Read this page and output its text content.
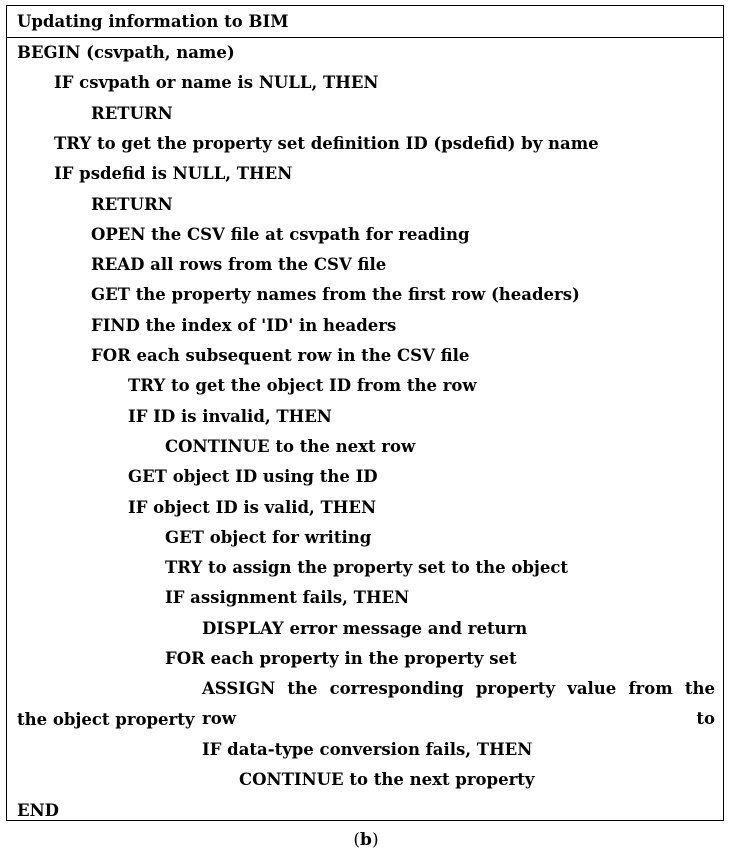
Updating information to BIM
BEGIN (csvpath, name)
IF csvpath or name is NULL, THEN
RETURN
TRY to get the property set definition ID (psdefid) by name
IF psdefid is NULL, THEN
RETURN
OPEN the CSV file at csvpath for reading
READ all rows from the CSV file
GET the property names from the first row (headers)
FIND the index of 'ID' in headers
FOR each subsequent row in the CSV file
TRY to get the object ID from the row
IF ID is invalid, THEN
CONTINUE to the next row
GET object ID using the ID
IF object ID is valid, THEN
GET object for writing
TRY to assign the property set to the object
IF assignment fails, THEN
DISPLAY error message and return
FOR each property in the property set
ASSIGN the corresponding property value from the row to
the object property
IF data-type conversion fails, THEN
CONTINUE to the next property
END
(b)
